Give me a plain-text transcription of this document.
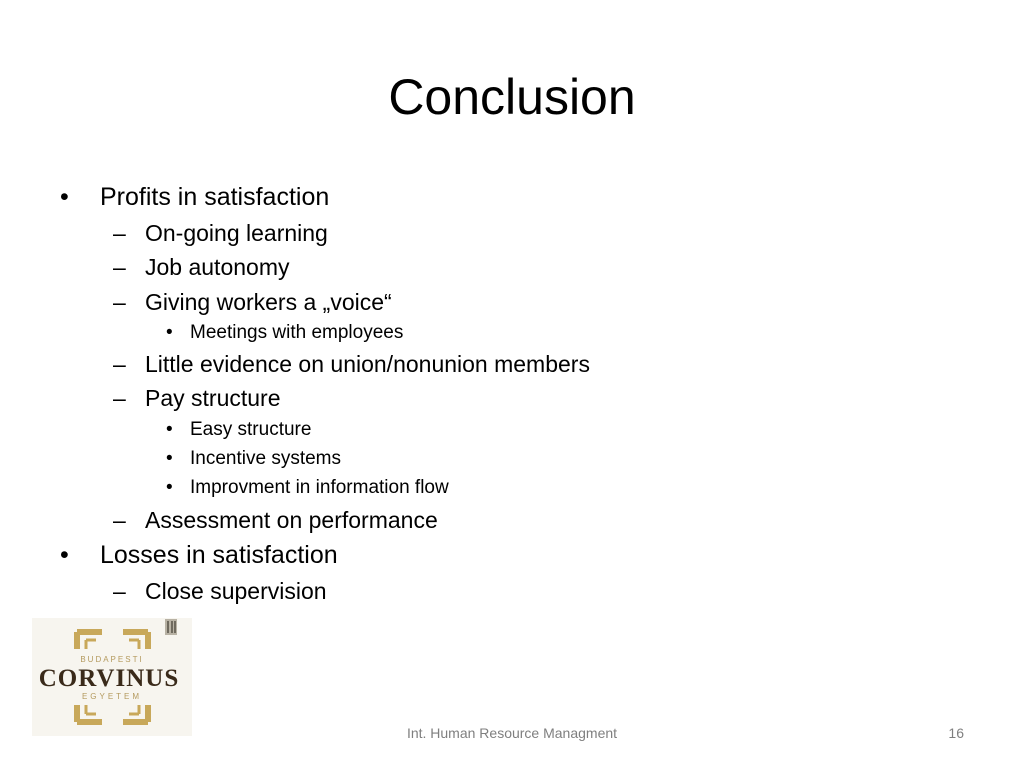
Conclusion
• Profits in satisfaction
– On-going learning
– Job autonomy
– Giving workers a „voice“
• Meetings with employees
– Little evidence on union/nonunion members
– Pay structure
• Easy structure
• Incentive systems
• Improvment in information flow
– Assessment on performance
• Losses in satisfaction
– Close supervision
BUDAPESTI
CORVINUS
EGYETEM
Int. Human Resource Managment	16
